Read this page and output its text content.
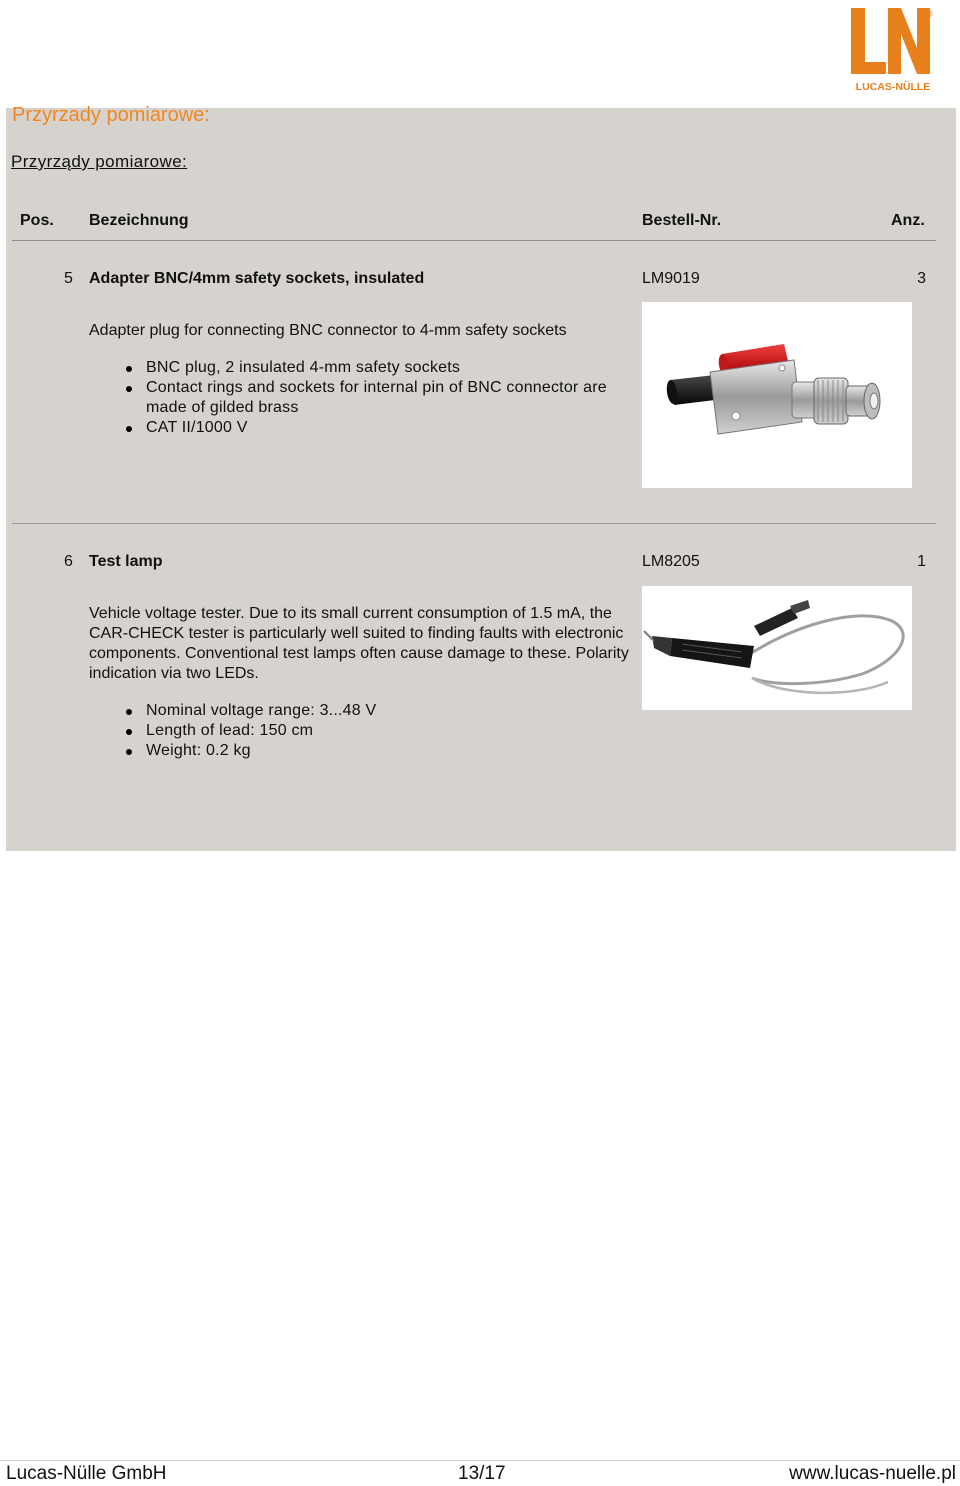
®
LUCAS-NÜLLE
Przyrzady pomiarowe:
Przyrządy pomiarowe:
Pos. Bezeichnung	Bestell-Nr.	Anz.
5 Adapter BNC/4mm safety sockets, insulated	LM9019	3
Adapter plug for connecting BNC connector to 4-mm safety sockets
BNC plug, 2 insulated 4-mm safety sockets
Contact rings and sockets for internal pin of BNC connector are made of gilded brass
CAT II/1000 V
6 Test lamp	LM8205	1
Vehicle voltage tester. Due to its small current consumption of 1.5 mA, the CAR-CHECK tester is particularly well suited to finding faults with electronic components. Conventional test lamps often cause damage to these. Polarity indication via two LEDs.
Nominal voltage range: 3...48 V
Length of lead: 150 cm
Weight: 0.2 kg
Lucas-Nülle GmbH	13/17	www.lucas-nuelle.pl
